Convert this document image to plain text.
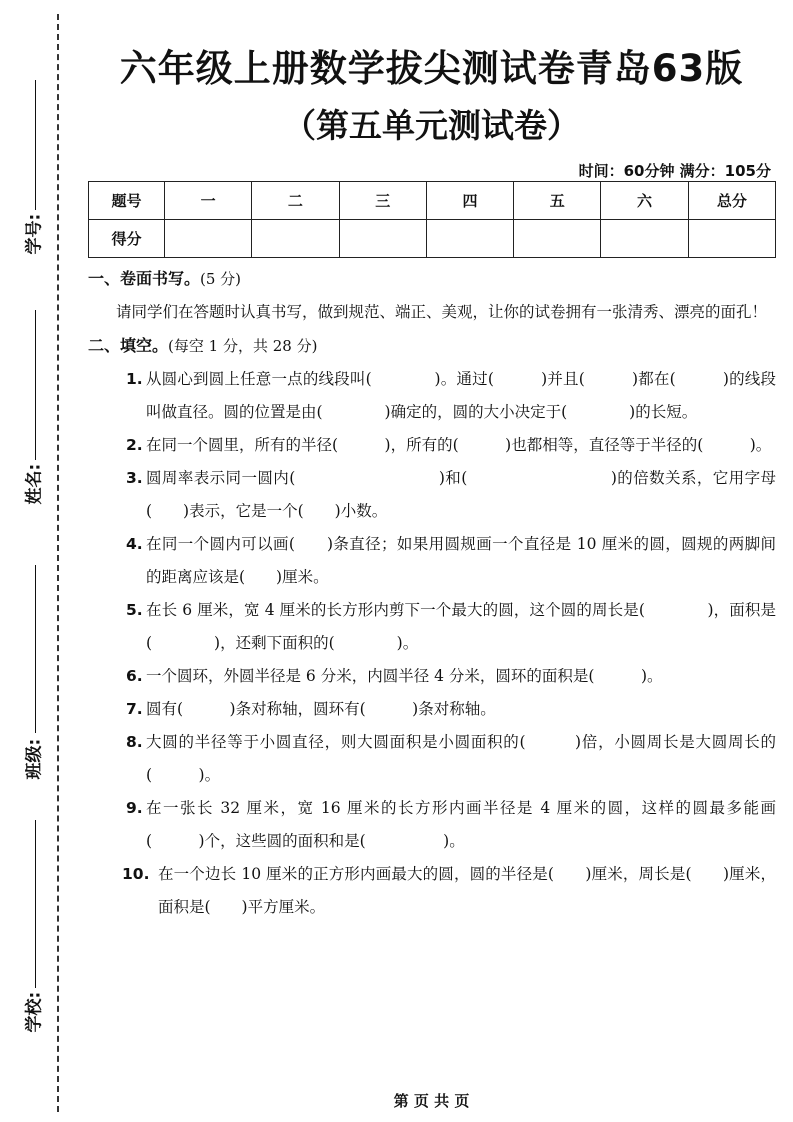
学号:
姓名:
班级:
学校:
六年级上册数学拔尖测试卷青岛63版
（第五单元测试卷）
时间：60分钟 满分：105分
题号	一	二	三	四	五	六	总分
得分							

一、卷面书写。(5 分)

请同学们在答题时认真书写，做到规范、端正、美观，让你的试卷拥有一张清秀、漂亮的面孔！

二、填空。(每空 1 分，共 28 分)

1. 从圆心到圆上任意一点的线段叫(　　　　)。通过(　　　)并且(　　　)都在(　　　)的线段叫做直径。圆的位置是由(　　　　)确定的，圆的大小决定于(　　　　)的长短。

2. 在同一个圆里，所有的半径(　　　)，所有的(　　　)也都相等，直径等于半径的(　　　)。

3. 圆周率表示同一圆内(　　　　　　　　　)和(　　　　　　　　　)的倍数关系，它用字母(　　)表示，它是一个(　　)小数。

4. 在同一个圆内可以画(　　)条直径；如果用圆规画一个直径是 10 厘米的圆，圆规的两脚间的距离应该是(　　)厘米。

5. 在长 6 厘米，宽 4 厘米的长方形内剪下一个最大的圆，这个圆的周长是(　　　　)，面积是(　　　　)，还剩下面积的(　　　　)。

6. 一个圆环，外圆半径是 6 分米，内圆半径 4 分米，圆环的面积是(　　　)。

7. 圆有(　　　)条对称轴，圆环有(　　　)条对称轴。

8. 大圆的半径等于小圆直径，则大圆面积是小圆面积的(　　　)倍，小圆周长是大圆周长的(　　　)。

9. 在一张长 32 厘米，宽 16 厘米的长方形内画半径是 4 厘米的圆，这样的圆最多能画(　　　)个，这些圆的面积和是(　　　　　)。

10. 在一个边长 10 厘米的正方形内画最大的圆，圆的半径是(　　)厘米，周长是(　　)厘米，面积是(　　)平方厘米。

第 页 共 页
